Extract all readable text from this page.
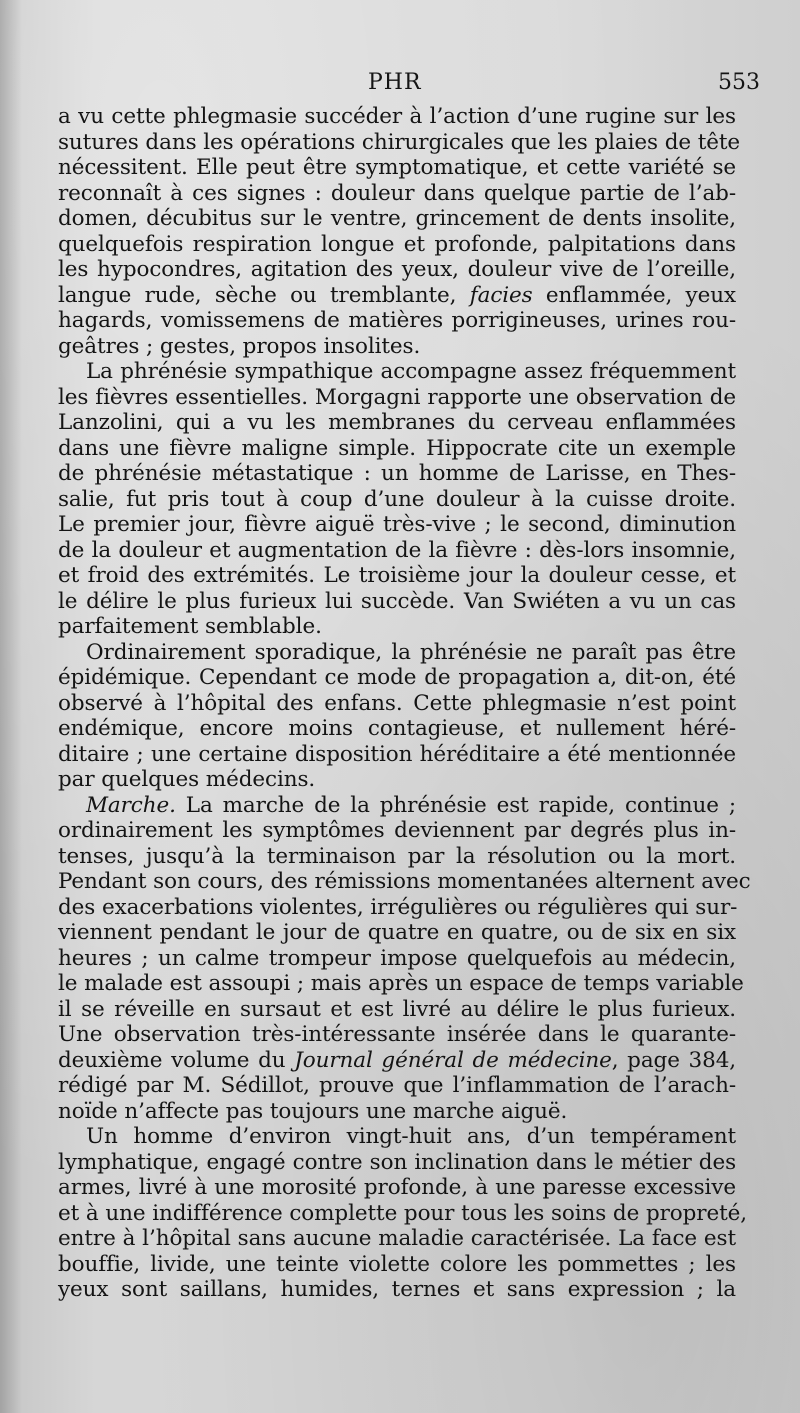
PHR	553
a vu cette phlegmasie succéder à l’action d’une rugine sur les
sutures dans les opérations chirurgicales que les plaies de tête
nécessitent. Elle peut être symptomatique, et cette variété se
reconnaît à ces signes : douleur dans quelque partie de l’ab-
domen, décubitus sur le ventre, grincement de dents insolite,
quelquefois respiration longue et profonde, palpitations dans
les hypocondres, agitation des yeux, douleur vive de l’oreille,
langue rude, sèche ou tremblante, facies enflammée, yeux
hagards, vomissemens de matières porrigineuses, urines rou-
geâtres ; gestes, propos insolites.
La phrénésie sympathique accompagne assez fréquemment
les fièvres essentielles. Morgagni rapporte une observation de
Lanzolini, qui a vu les membranes du cerveau enflammées
dans une fièvre maligne simple. Hippocrate cite un exemple
de phrénésie métastatique : un homme de Larisse, en Thes-
salie, fut pris tout à coup d’une douleur à la cuisse droite.
Le premier jour, fièvre aiguë très-vive ; le second, diminution
de la douleur et augmentation de la fièvre : dès-lors insomnie,
et froid des extrémités. Le troisième jour la douleur cesse, et
le délire le plus furieux lui succède. Van Swiéten a vu un cas
parfaitement semblable.
Ordinairement sporadique, la phrénésie ne paraît pas être
épidémique. Cependant ce mode de propagation a, dit-on, été
observé à l’hôpital des enfans. Cette phlegmasie n’est point
endémique, encore moins contagieuse, et nullement héré-
ditaire ; une certaine disposition héréditaire a été mentionnée
par quelques médecins.
Marche. La marche de la phrénésie est rapide, continue ;
ordinairement les symptômes deviennent par degrés plus in-
tenses, jusqu’à la terminaison par la résolution ou la mort.
Pendant son cours, des rémissions momentanées alternent avec
des exacerbations violentes, irrégulières ou régulières qui sur-
viennent pendant le jour de quatre en quatre, ou de six en six
heures ; un calme trompeur impose quelquefois au médecin,
le malade est assoupi ; mais après un espace de temps variable
il se réveille en sursaut et est livré au délire le plus furieux.
Une observation très-intéressante insérée dans le quarante-
deuxième volume du Journal général de médecine, page 384,
rédigé par M. Sédillot, prouve que l’inflammation de l’arach-
noïde n’affecte pas toujours une marche aiguë.
Un homme d’environ vingt-huit ans, d’un tempérament
lymphatique, engagé contre son inclination dans le métier des
armes, livré à une morosité profonde, à une paresse excessive
et à une indifférence complette pour tous les soins de propreté,
entre à l’hôpital sans aucune maladie caractérisée. La face est
bouffie, livide, une teinte violette colore les pommettes ; les
yeux sont saillans, humides, ternes et sans expression ; la
